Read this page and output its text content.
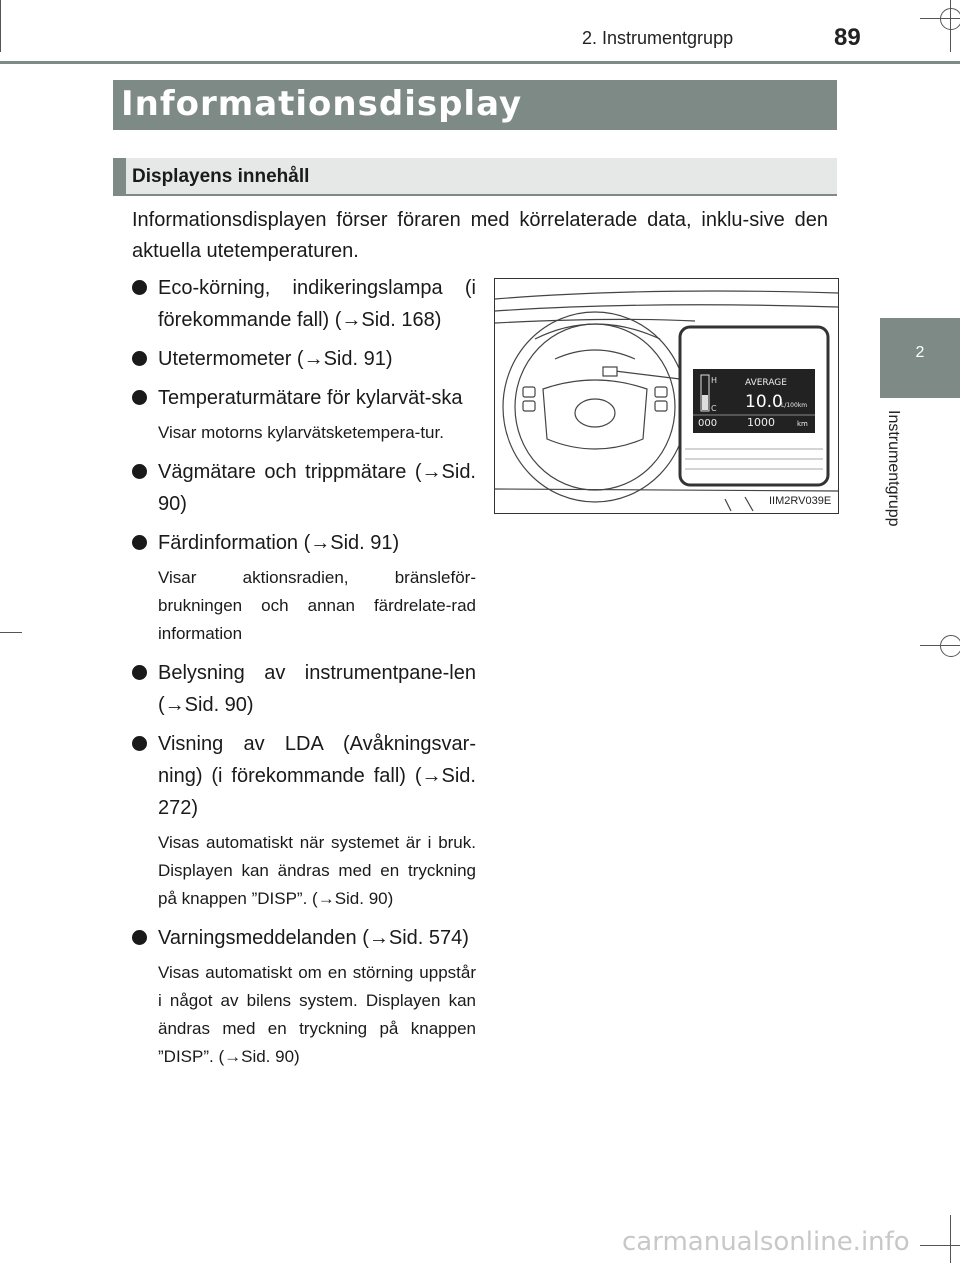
2. Instrumentgrupp	89
Informationsdisplay
Displayens innehåll
2
Instrumentgrupp
Informationsdisplayen förser föraren med körrelaterade data, inklu-sive den aktuella utetemperaturen.
Eco-körning, indikeringslampa (i förekommande fall) (→Sid. 168)
Utetermometer (→Sid. 91)
Temperaturmätare för kylarvät-ska
Visar motorns kylarvätsketempera-tur.
Vägmätare och trippmätare (→Sid. 90)
Färdinformation (→Sid. 91)
Visar aktionsradien, bränsleför-brukningen och annan färdrelate-rad information
Belysning av instrumentpane-len (→Sid. 90)
Visning av LDA (Avåkningsvar-ning) (i förekommande fall) (→Sid. 272)
Visas automatiskt när systemet är i bruk. Displayen kan ändras med en tryckning på knappen ”DISP”. (→Sid. 90)
Varningsmeddelanden (→Sid. 574)
Visas automatiskt om en störning uppstår i något av bilens system. Displayen kan ändras med en tryckning på knappen ”DISP”. (→Sid. 90)
H
C
AVERAGE
10.0
L/100km
000	1000	km
IIM2RV039E
carmanualsonline.info
